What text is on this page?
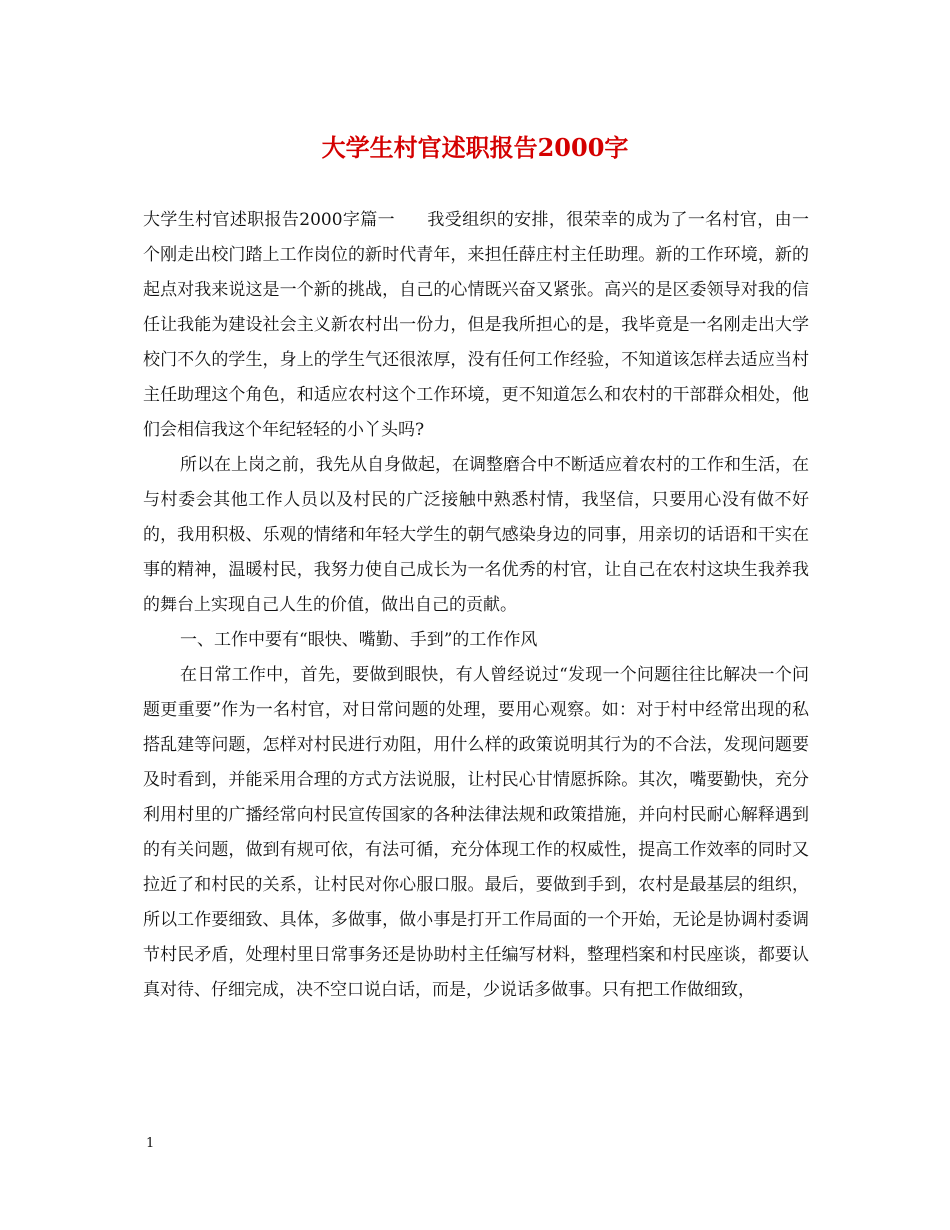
大学生村官述职报告2000字

大学生村官述职报告2000字篇一 我受组织的安排，很荣幸的成为了一名村官，由一个刚走出校门踏上工作岗位的新时代青年，来担任薛庄村主任助理。新的工作环境，新的起点对我来说这是一个新的挑战，自己的心情既兴奋又紧张。高兴的是区委领导对我的信任让我能为建设社会主义新农村出一份力，但是我所担心的是，我毕竟是一名刚走出大学校门不久的学生，身上的学生气还很浓厚，没有任何工作经验，不知道该怎样去适应当村主任助理这个角色，和适应农村这个工作环境，更不知道怎么和农村的干部群众相处，他们会相信我这个年纪轻轻的小丫头吗?

所以在上岗之前，我先从自身做起，在调整磨合中不断适应着农村的工作和生活，在与村委会其他工作人员以及村民的广泛接触中熟悉村情，我坚信，只要用心没有做不好的，我用积极、乐观的情绪和年轻大学生的朝气感染身边的同事，用亲切的话语和干实在事的精神，温暖村民，我努力使自己成长为一名优秀的村官，让自己在农村这块生我养我的舞台上实现自己人生的价值，做出自己的贡献。

一、工作中要有“眼快、嘴勤、手到”的工作作风

在日常工作中，首先，要做到眼快，有人曾经说过“发现一个问题往往比解决一个问题更重要”作为一名村官，对日常问题的处理，要用心观察。如：对于村中经常出现的私搭乱建等问题，怎样对村民进行劝阻，用什么样的政策说明其行为的不合法，发现问题要及时看到，并能采用合理的方式方法说服，让村民心甘情愿拆除。其次，嘴要勤快，充分利用村里的广播经常向村民宣传国家的各种法律法规和政策措施，并向村民耐心解释遇到的有关问题，做到有规可依，有法可循，充分体现工作的权威性，提高工作效率的同时又拉近了和村民的关系，让村民对你心服口服。最后，要做到手到，农村是最基层的组织，所以工作要细致、具体，多做事，做小事是打开工作局面的一个开始，无论是协调村委调节村民矛盾，处理村里日常事务还是协助村主任编写材料，整理档案和村民座谈，都要认真对待、仔细完成，决不空口说白话，而是，少说话多做事。只有把工作做细致，

1
